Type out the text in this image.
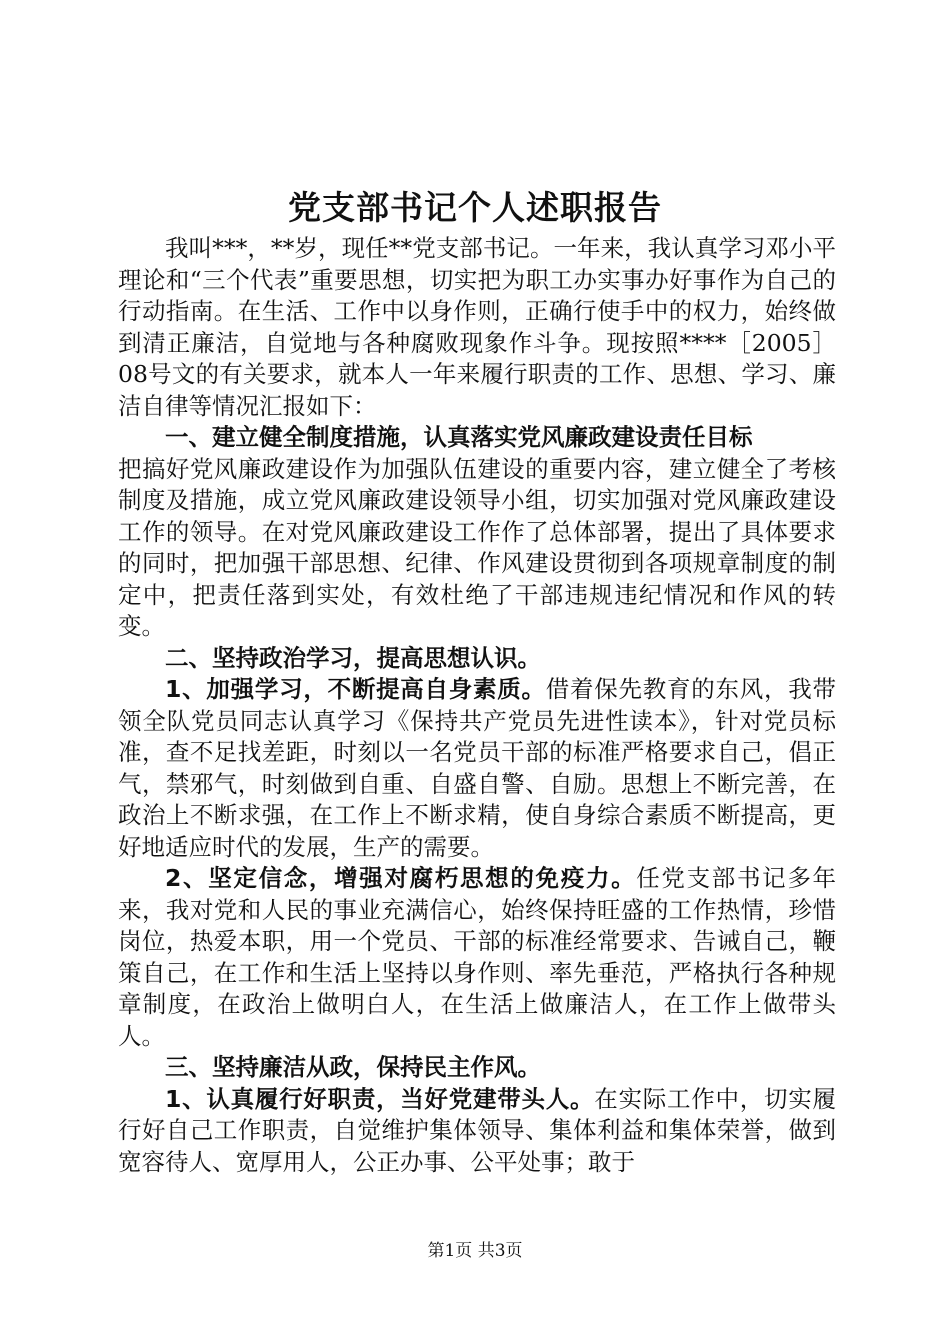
党支部书记个人述职报告

我叫***，**岁，现任**党支部书记。一年来，我认真学习邓小平理论和“三个代表”重要思想，切实把为职工办实事办好事作为自己的行动指南。在生活、工作中以身作则，正确行使手中的权力，始终做到清正廉洁，自觉地与各种腐败现象作斗争。现按照****［2005］08号文的有关要求，就本人一年来履行职责的工作、思想、学习、廉洁自律等情况汇报如下：

一、建立健全制度措施，认真落实党风廉政建设责任目标

把搞好党风廉政建设作为加强队伍建设的重要内容，建立健全了考核制度及措施，成立党风廉政建设领导小组，切实加强对党风廉政建设工作的领导。在对党风廉政建设工作作了总体部署，提出了具体要求的同时，把加强干部思想、纪律、作风建设贯彻到各项规章制度的制定中，把责任落到实处，有效杜绝了干部违规违纪情况和作风的转变。

二、坚持政治学习，提高思想认识。

1、加强学习，不断提高自身素质。借着保先教育的东风，我带领全队党员同志认真学习《保持共产党员先进性读本》，针对党员标准，查不足找差距，时刻以一名党员干部的标准严格要求自己，倡正气，禁邪气，时刻做到自重、自盛自警、自励。思想上不断完善，在政治上不断求强，在工作上不断求精，使自身综合素质不断提高，更好地适应时代的发展，生产的需要。

2、坚定信念，增强对腐朽思想的免疫力。任党支部书记多年来，我对党和人民的事业充满信心，始终保持旺盛的工作热情，珍惜岗位，热爱本职，用一个党员、干部的标准经常要求、告诫自己，鞭策自己，在工作和生活上坚持以身作则、率先垂范，严格执行各种规章制度，在政治上做明白人，在生活上做廉洁人，在工作上做带头人。

三、坚持廉洁从政，保持民主作风。

1、认真履行好职责，当好党建带头人。在实际工作中，切实履行好自己工作职责，自觉维护集体领导、集体利益和集体荣誉，做到宽容待人、宽厚用人，公正办事、公平处事；敢于

第1页 共3页
